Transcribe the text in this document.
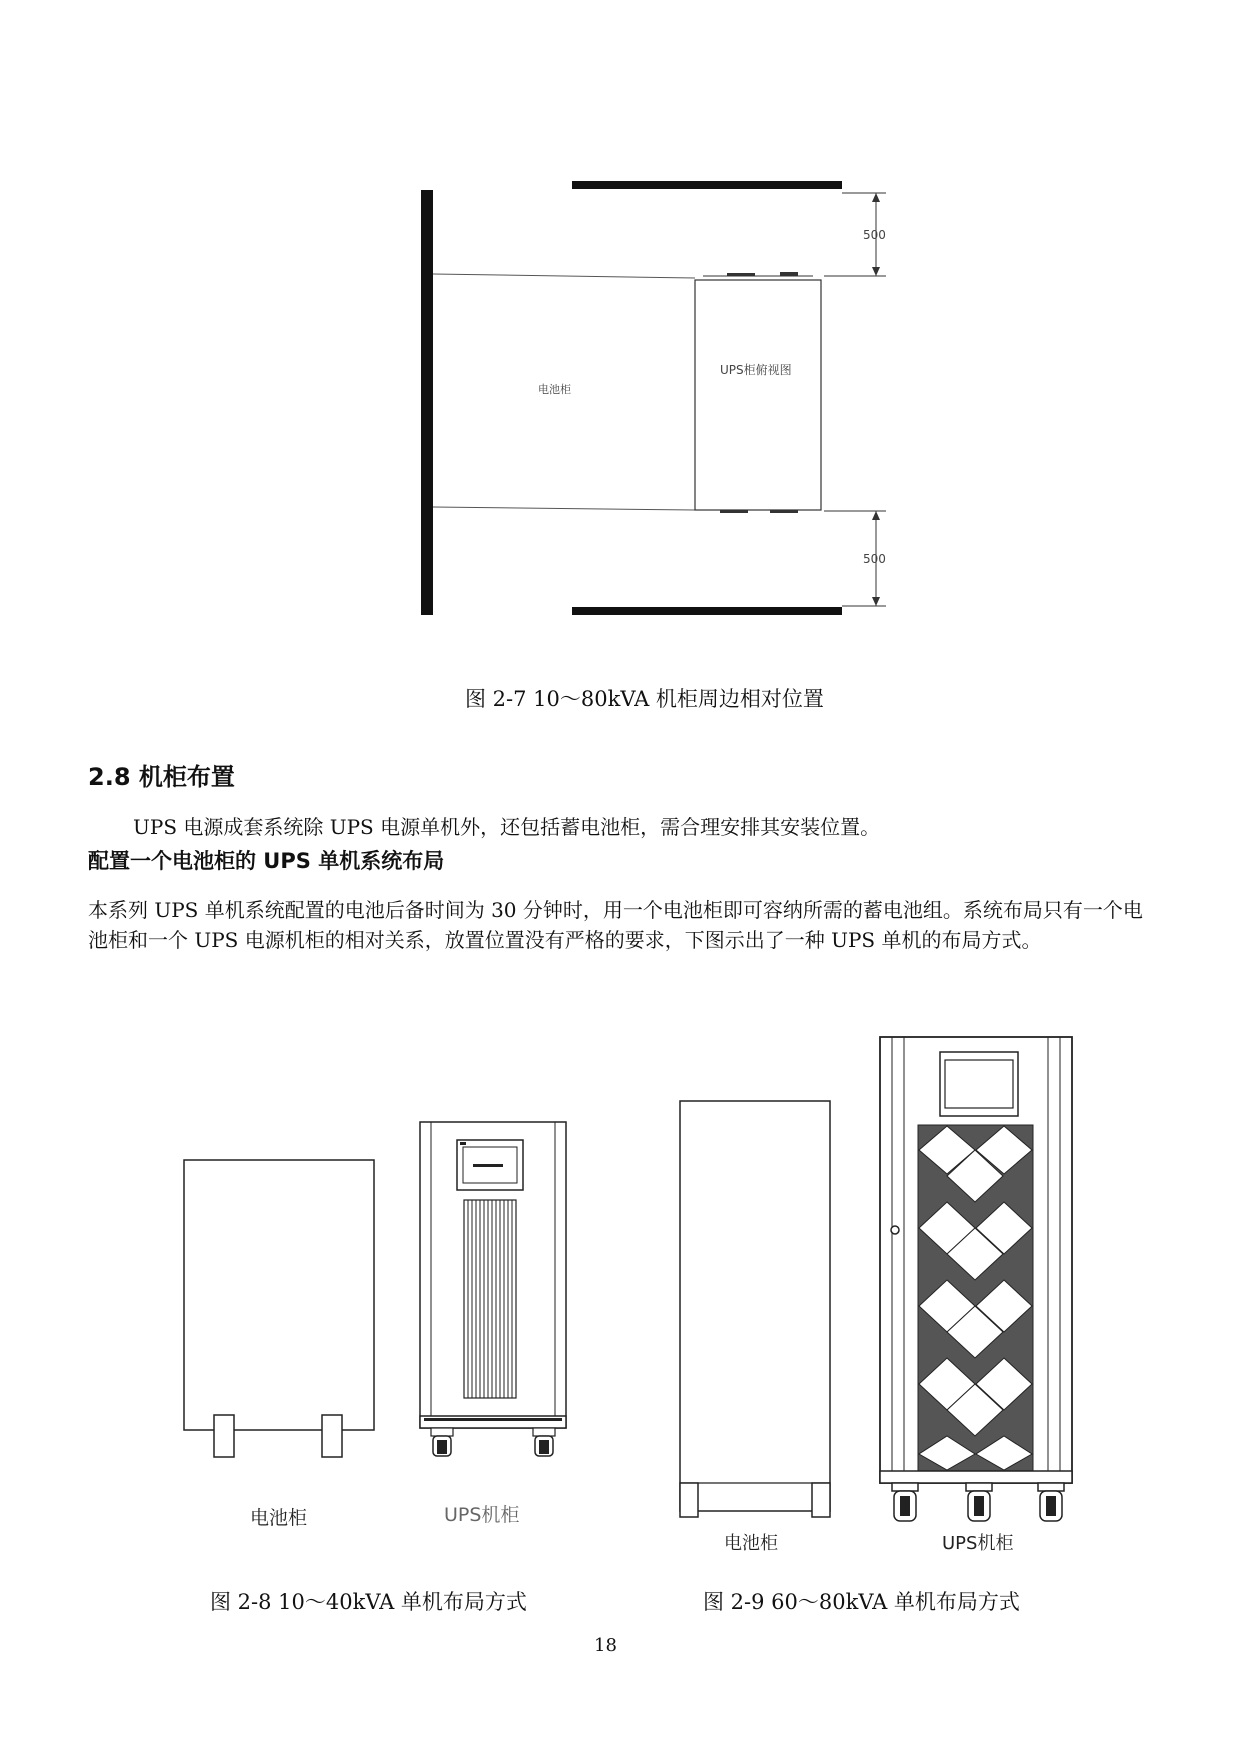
500
500
电池柜
UPS柜俯视图
图 2-7 10～80kVA 机柜周边相对位置
2.8 机柜布置
UPS 电源成套系统除 UPS 电源单机外，还包括蓄电池柜，需合理安排其安装位置。
配置一个电池柜的 UPS 单机系统布局
本系列 UPS 单机系统配置的电池后备时间为 30 分钟时，用一个电池柜即可容纳所需的蓄电池组。系统布局只有一个电池柜和一个 UPS 电源机柜的相对关系，放置位置没有严格的要求，下图示出了一种 UPS 单机的布局方式。
电池柜	UPS机柜
图 2-8 10～40kVA 单机布局方式
电池柜	UPS机柜
图 2-9 60～80kVA 单机布局方式
18
